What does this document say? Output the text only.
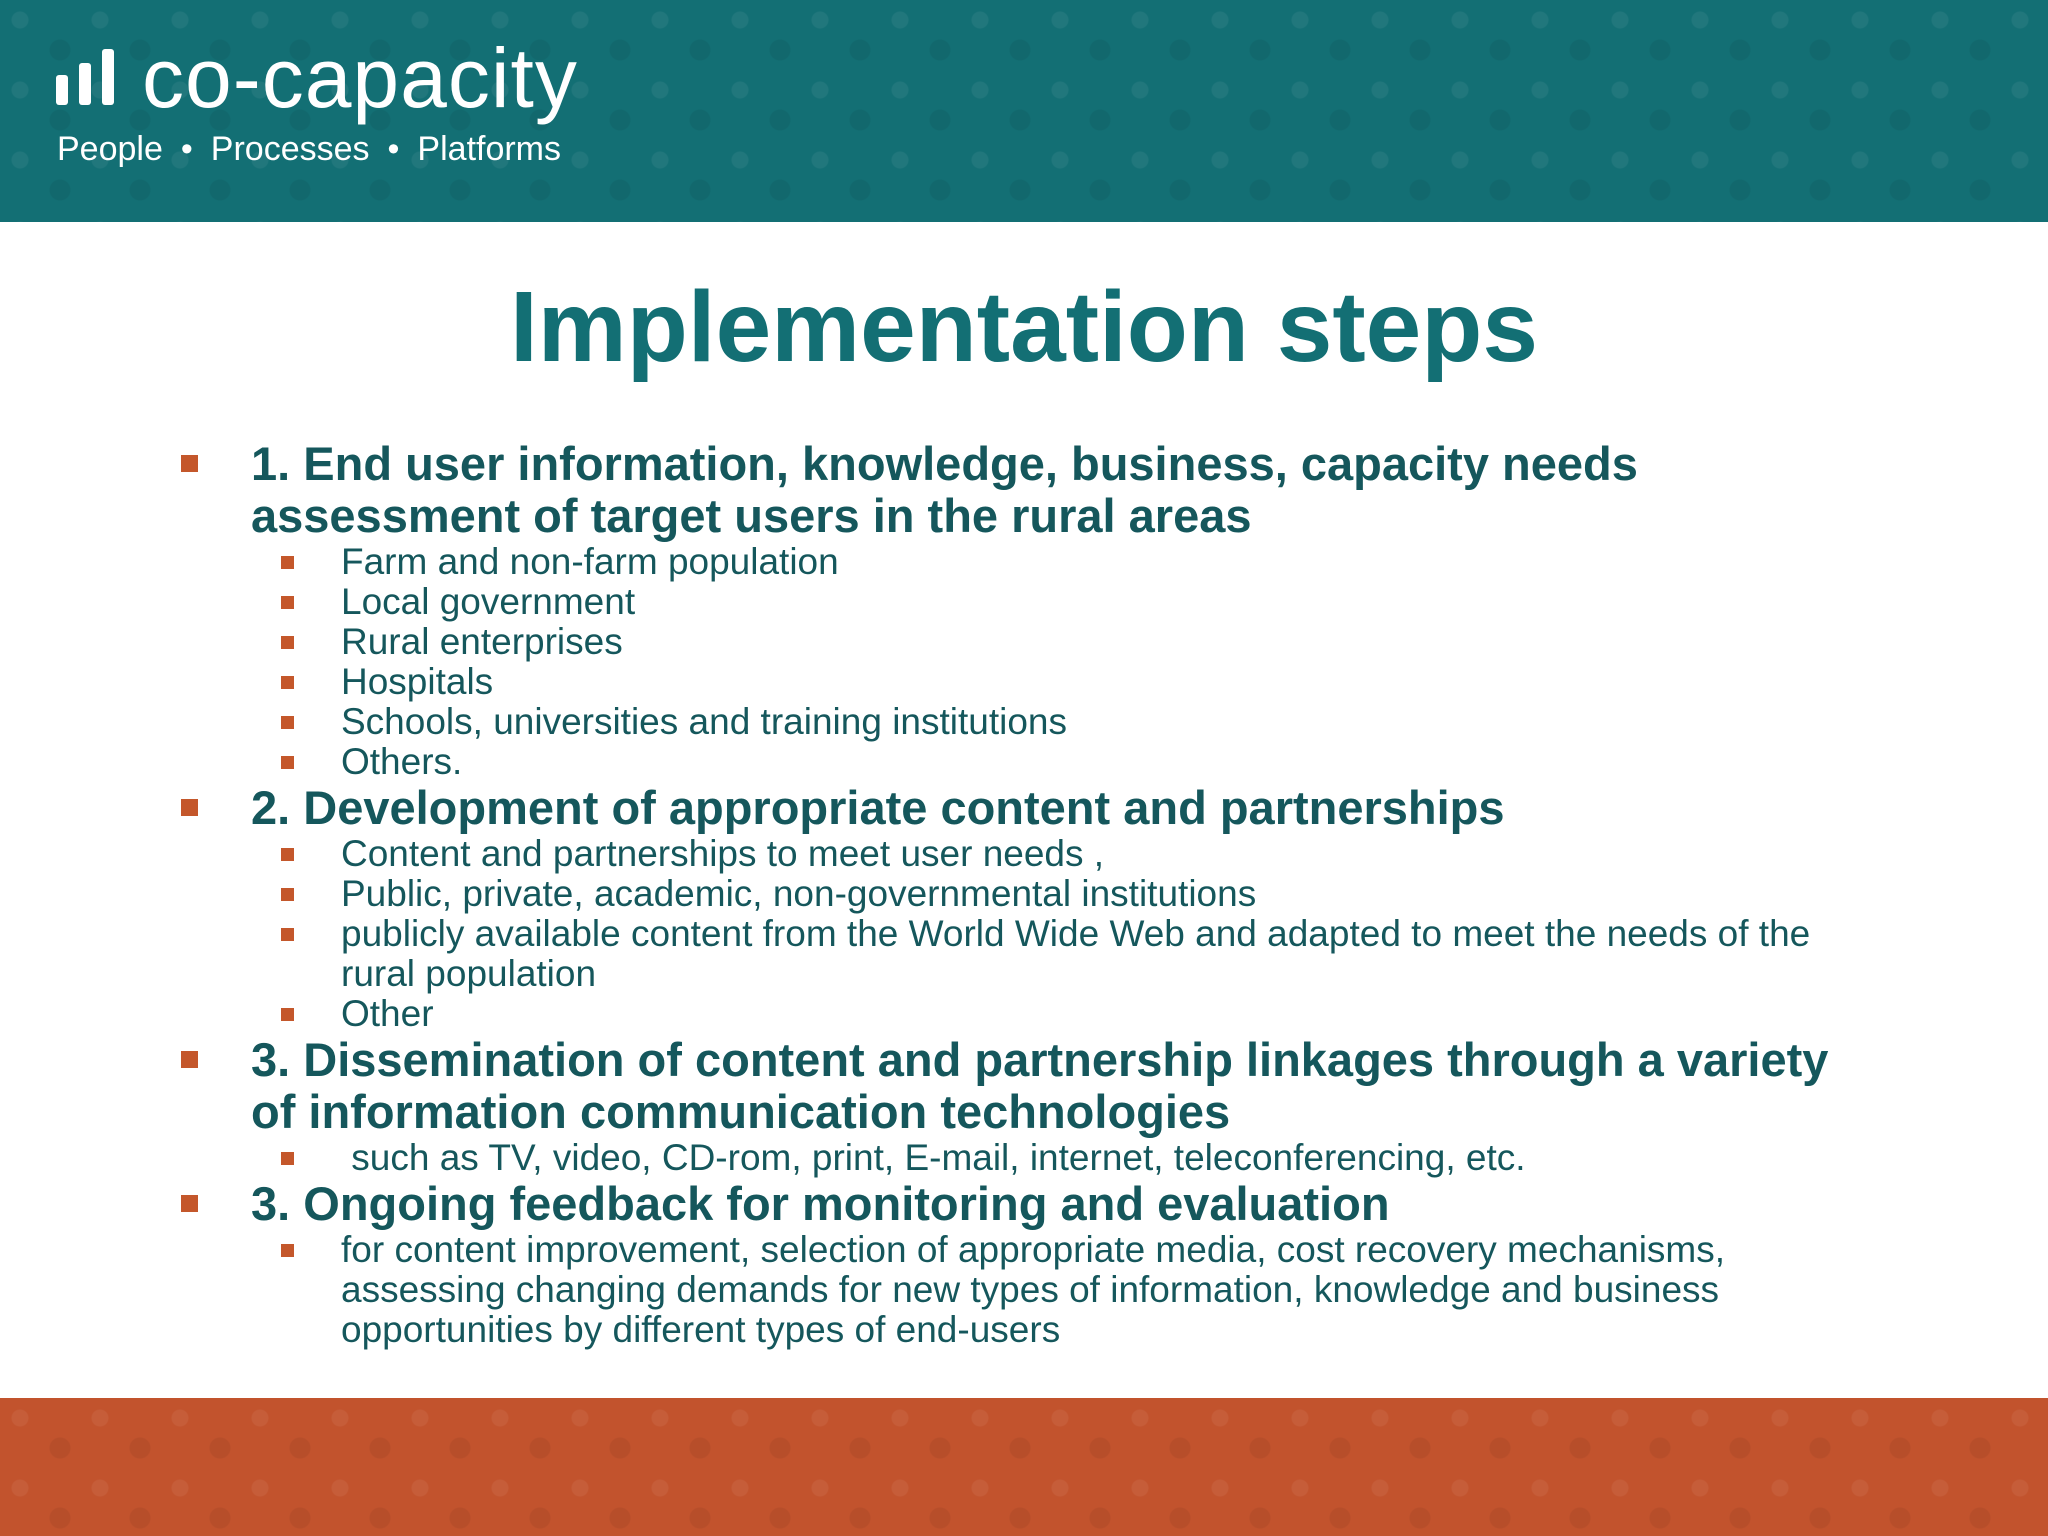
co-capacity
People • Processes • Platforms
Implementation steps
1. End user information, knowledge, business, capacity needs assessment of target users in the rural areas
Farm and non-farm population
Local government
Rural enterprises
Hospitals
Schools, universities and training institutions
Others.
2. Development of appropriate content and partnerships
Content and partnerships to meet user needs ,
Public, private, academic, non-governmental institutions
publicly available content from the World Wide Web and adapted to meet the needs of the rural population
Other
3. Dissemination of content and partnership linkages through a variety of information communication technologies
such as TV, video, CD-rom, print, E-mail, internet, teleconferencing, etc.
3. Ongoing feedback for monitoring and evaluation
for content improvement, selection of appropriate media, cost recovery mechanisms, assessing changing demands for new types of information, knowledge and business opportunities by different types of end-users
